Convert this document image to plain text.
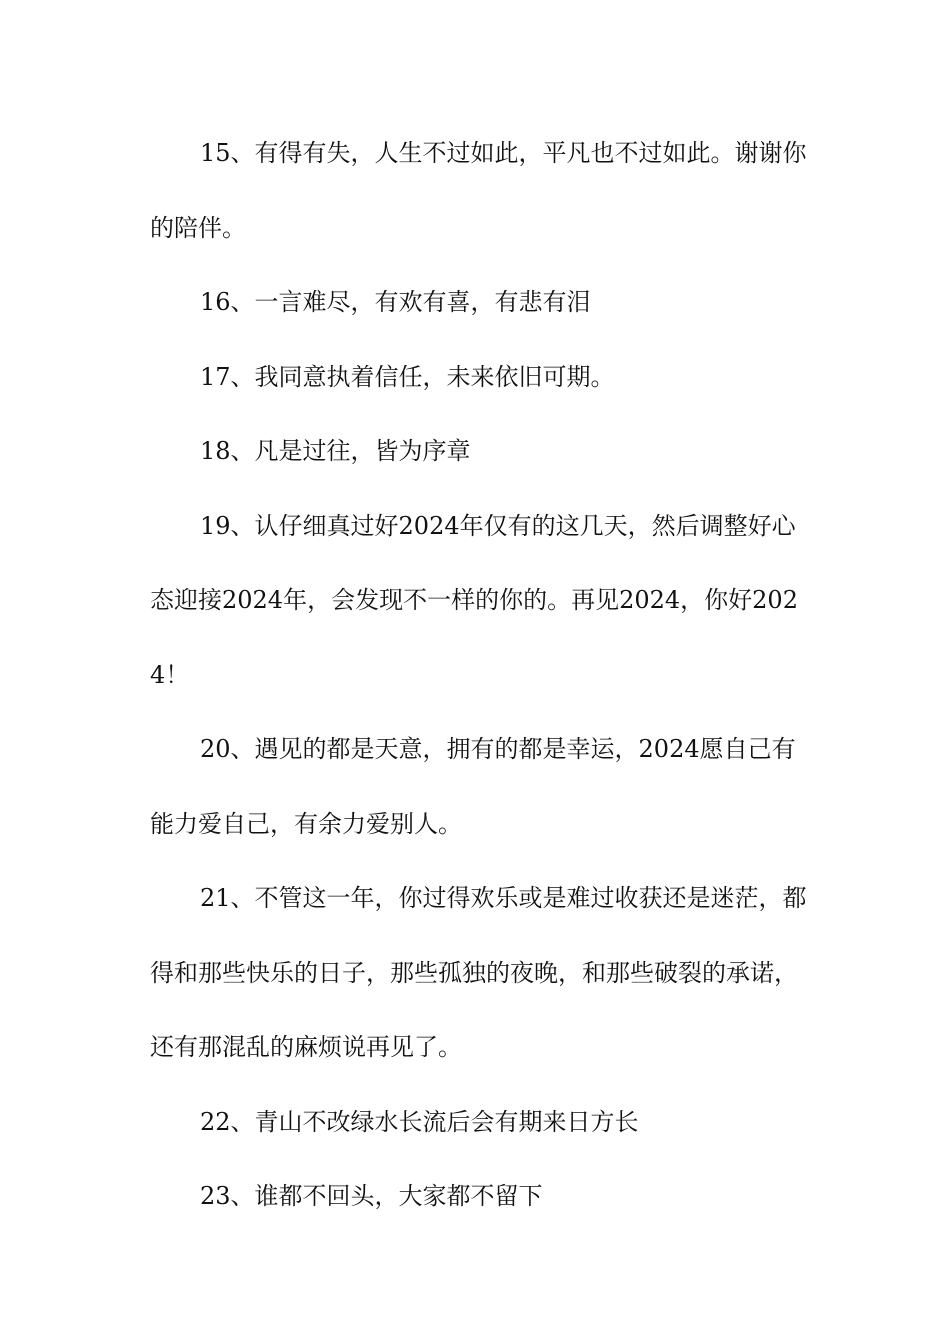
15、有得有失，人生不过如此，平凡也不过如此。谢谢你的陪伴。

16、一言难尽，有欢有喜，有悲有泪

17、我同意执着信任，未来依旧可期。

18、凡是过往，皆为序章

19、认仔细真过好2024年仅有的这几天，然后调整好心态迎接2024年，会发现不一样的你的。再见2024，你好2024！

20、遇见的都是天意，拥有的都是幸运，2024愿自己有能力爱自己，有余力爱别人。

21、不管这一年，你过得欢乐或是难过收获还是迷茫，都得和那些快乐的日子，那些孤独的夜晚，和那些破裂的承诺，还有那混乱的麻烦说再见了。

22、青山不改绿水长流后会有期来日方长

23、谁都不回头，大家都不留下
